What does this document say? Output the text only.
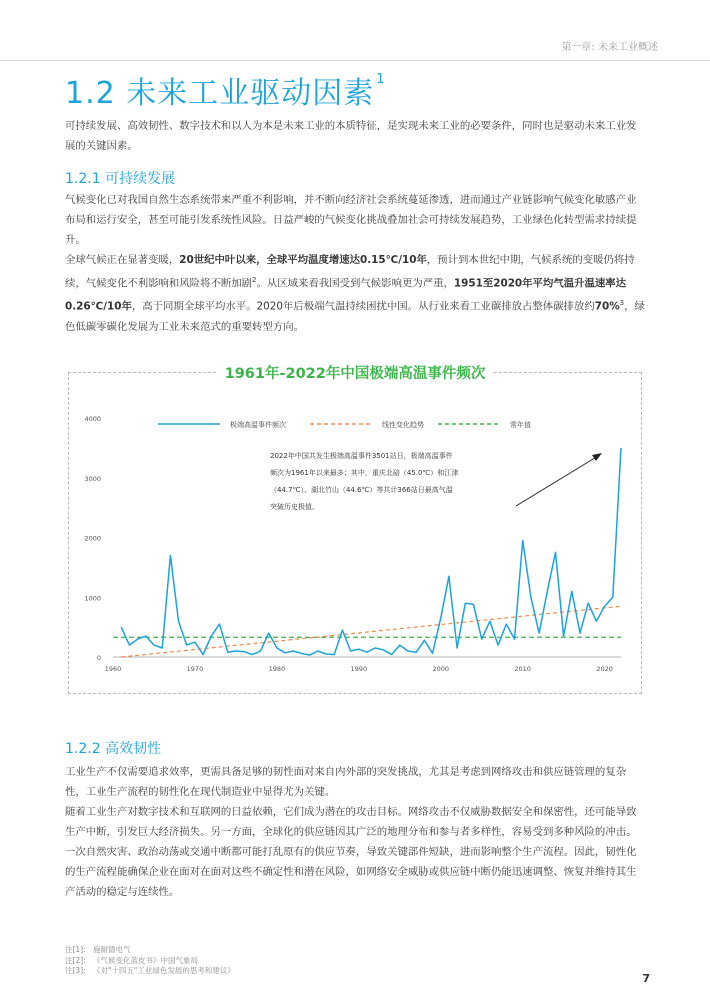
第一章: 未来工业概述
1.2 未来工业驱动因素 $^1$

可持续发展、高效韧性、数字技术和以人为本是未来工业的本质特征，是实现未来工业的必要条件，同时也是驱动未来工业发展的关键因素。

1.2.1 可持续发展

气候变化已对我国自然生态系统带来严重不利影响，并不断向经济社会系统蔓延渗透，进而通过产业链影响气候变化敏感产业布局和运行安全，甚至可能引发系统性风险。日益严峻的气候变化挑战叠加社会可持续发展趋势，工业绿色化转型需求持续提升。

全球气候正在显著变暖，20世纪中叶以来，全球平均温度增速达0.15℃/10年，预计到本世纪中期，气候系统的变暖仍将持续，气候变化不利影响和风险将不断加剧$^2$。从区域来看我国受到气候影响更为严重，1951至2020年平均气温升温速率达0.26℃/10年，高于同期全球平均水平。2020年后极端气温持续困扰中国。从行业来看工业碳排放占整体碳排放约70%$^3$，绿色低碳零碳化发展为工业未来范式的重要转型方向。

1961年-2022年中国极端高温事件频次
0
1000
2000
3000
4000
1960	1970	1980	1990	2000	2010	2020
极端高温事件频次	线性变化趋势	常年值
2022年中国共发生极端高温事件3501站日，极端高温事件
频次为1961年以来最多；其中，重庆北碚（45.0℃）和江津
（44.7℃）、湖北竹山（44.6℃）等共计366站日最高气温
突破历史极值。
1.2.2 高效韧性

工业生产不仅需要追求效率，更需具备足够的韧性面对来自内外部的突发挑战，尤其是考虑到网络攻击和供应链管理的复杂性，工业生产流程的韧性化在现代制造业中显得尤为关键。

随着工业生产对数字技术和互联网的日益依赖，它们成为潜在的攻击目标。网络攻击不仅威胁数据安全和保密性，还可能导致生产中断，引发巨大经济损失。另一方面，全球化的供应链因其广泛的地理分布和参与者多样性，容易受到多种风险的冲击。一次自然灾害、政治动荡或交通中断都可能打乱原有的供应节奏，导致关键部件短缺，进而影响整个生产流程。因此，韧性化的生产流程能确保企业在面对在面对这些不确定性和潜在风险，如网络安全威胁或供应链中断仍能迅速调整、恢复并维持其生产活动的稳定与连续性。

注[1]: 施耐德电气
注[2]: 《气候变化蓝皮书》中国气象局
注[3]: 《对"十四五"工业绿色发展的思考和建议》
7
